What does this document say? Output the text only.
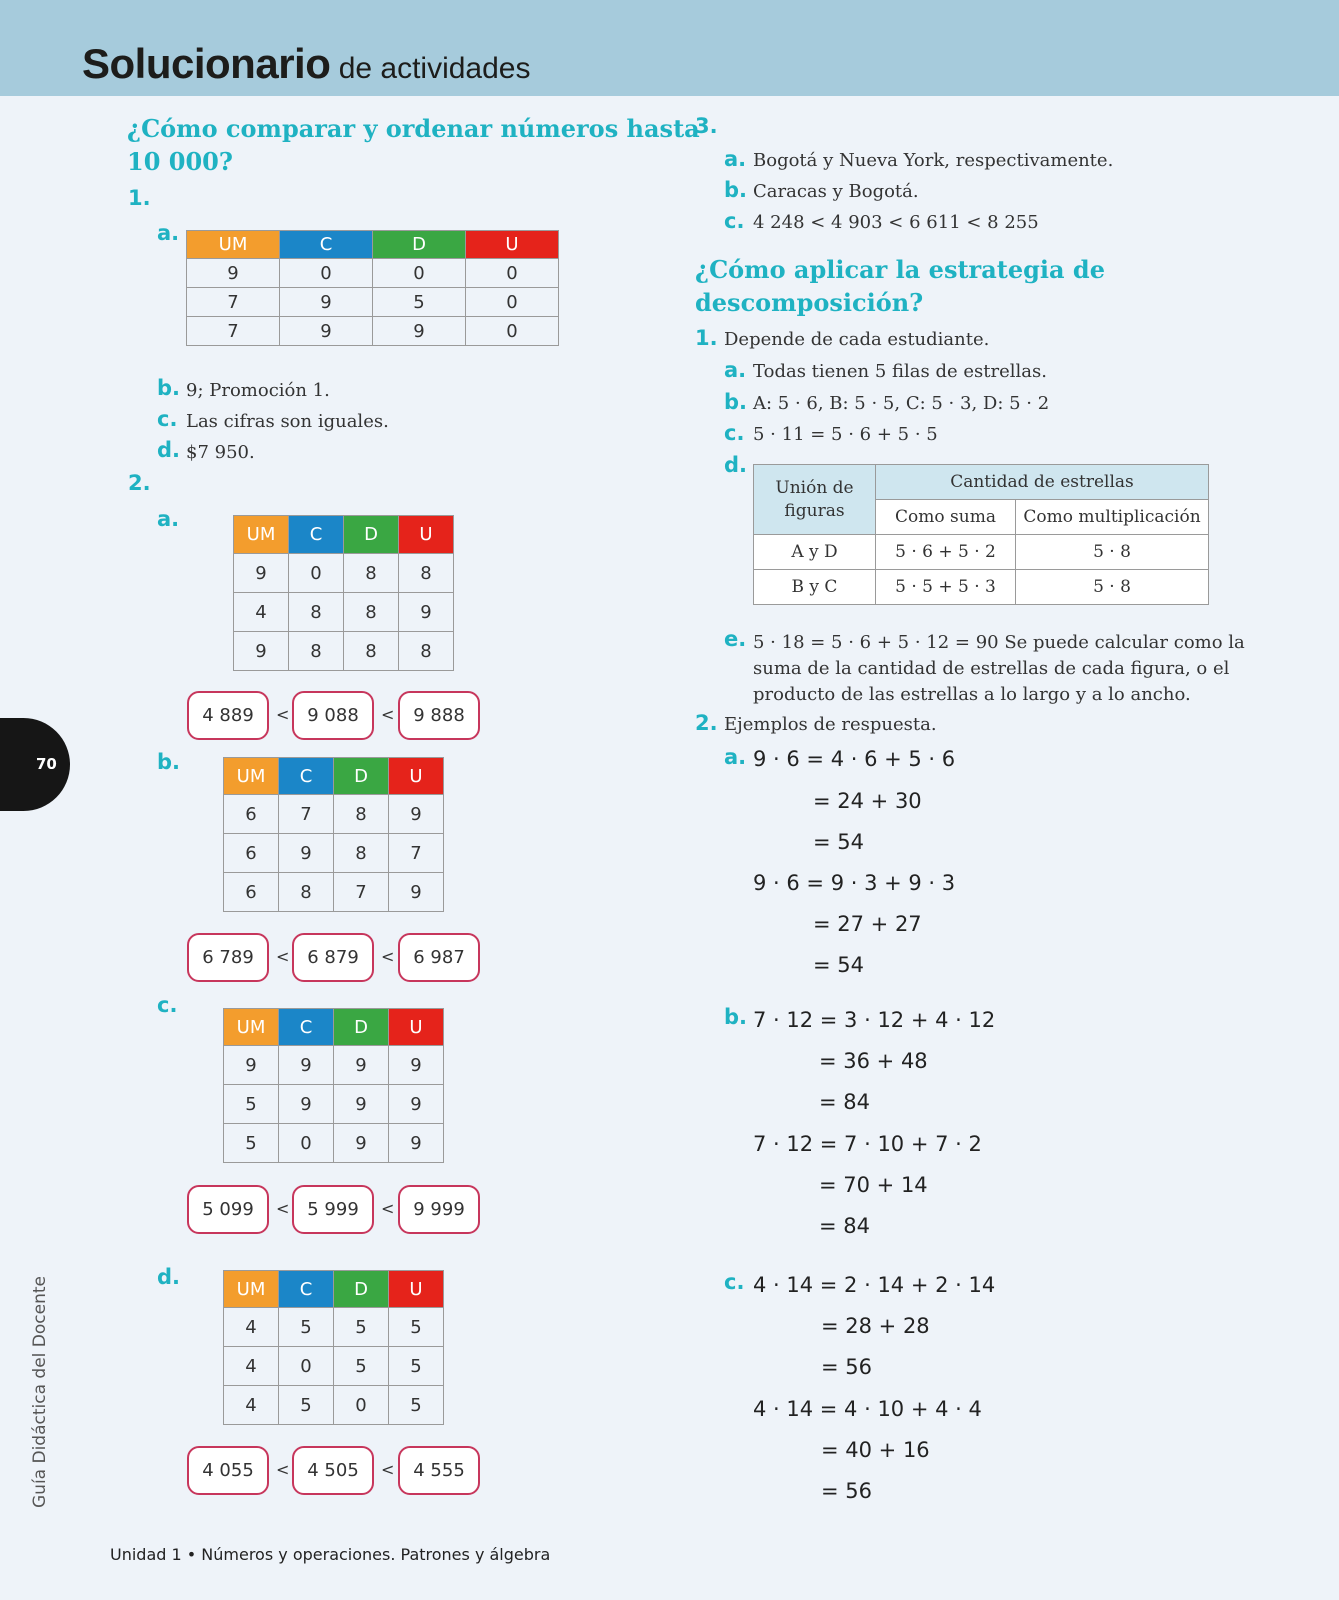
Solucionario de actividades
70
Guía Didáctica del Docente
Unidad 1 • Números y operaciones. Patrones y álgebra
¿Cómo comparar y ordenar números hasta
10 000?
1.
a. UM	C	D	U
9	0	0	0
7	9	5	0
7	9	9	0
b. 9; Promoción 1.
c. Las cifras son iguales.
d. $7 950.
2.
a.
UM	C	D	U
9	0	8	8
4	8	8	9
9	8	8	8
4 889	< 9 088	<	9 888
b.
UM	C	D	U
6	7	8	9
6	9	8	7
6	8	7	9
6 789	< 6 879	<	6 987
c.
UM	C	D	U
9	9	9	9
5	9	9	9
5	0	9	9
5 099	< 5 999	<	9 999
d.	UM	C	D	U
4	5	5	5
4	0	5	5
4	5	0	5
4 055	< 4 505	<	4 555
3.
a. Bogotá y Nueva York, respectivamente.
b. Caracas y Bogotá.
c. 4 248 < 4 903 < 6 611 < 8 255
¿Cómo aplicar la estrategia de
descomposición?
1. Depende de cada estudiante.
a. Todas tienen 5 filas de estrellas.
b. A: 5 · 6, B: 5 · 5, C: 5 · 3, D: 5 · 2
c. 5 · 11 = 5 · 6 + 5 · 5
d.
Unión de
figuras	Cantidad de estrellas	
	Como suma	Como multiplicación
A y D	5 · 6 + 5 · 2	5 · 8
B y C	5 · 5 + 5 · 3	5 · 8
e. 5 · 18 = 5 · 6 + 5 · 12 = 90 Se puede calcular como la
suma de la cantidad de estrellas de cada figura, o el
producto de las estrellas a lo largo y a lo ancho.
2. Ejemplos de respuesta.
a. 9 · 6 = 4 · 6 + 5 · 6
= 24 + 30
= 54
9 · 6 = 9 · 3 + 9 · 3
= 27 + 27
= 54
b. 7 · 12 = 3 · 12 + 4 · 12
= 36 + 48
= 84
7 · 12 = 7 · 10 + 7 · 2
= 70 + 14
= 84
c. 4 · 14 = 2 · 14 + 2 · 14
= 28 + 28
= 56
4 · 14 = 4 · 10 + 4 · 4
= 40 + 16
= 56
